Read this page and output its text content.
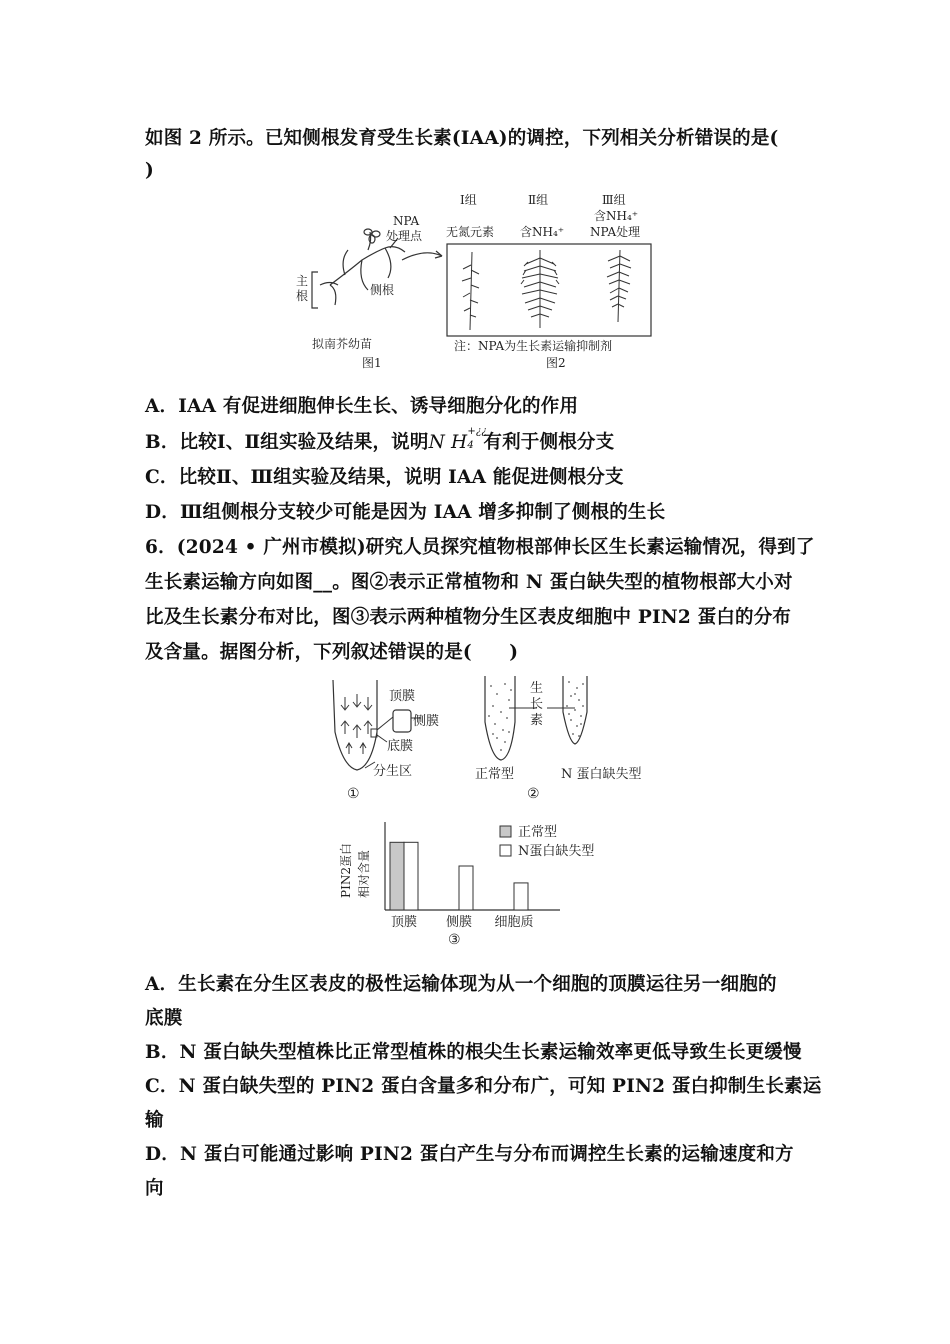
如图 2 所示。已知侧根发育受生长素(IAA)的调控，下列相关分析错误的是(
)
NPA
处理点
主
根	侧根
拟南芥幼苗
图1
Ⅰ组
无氮元素
Ⅱ组
含NH₄⁺
Ⅲ组
含NH₄⁺
NPA处理
注：NPA为生长素运输抑制剂
图2
A．IAA 有促进细胞伸长生长、诱导细胞分化的作用
B．比较Ⅰ、Ⅱ组实验及结果，说明N H
+¿¿
4 有利于侧根分支
C．比较Ⅱ、Ⅲ组实验及结果，说明 IAA 能促进侧根分支
D．Ⅲ组侧根分支较少可能是因为 IAA 增多抑制了侧根的生长
6．(2024 • 广州市模拟)研究人员探究植物根部伸长区生长素运输情况，得到了
生长素运输方向如图__。图②表示正常植物和 N 蛋白缺失型的植物根部大小对
比及生长素分布对比，图③表示两种植物分生区表皮细胞中 PIN2 蛋白的分布
及含量。据图分析，下列叙述错误的是(　　)
顶膜
侧膜
底膜
分生区
①
生
长
素
正常型	N 蛋白缺失型
②
PIN2蛋白 相对含量
顶膜 侧膜 细胞质
正常型
N蛋白缺失型
③
A．生长素在分生区表皮的极性运输体现为从一个细胞的顶膜运往另一细胞的
底膜
B．N 蛋白缺失型植株比正常型植株的根尖生长素运输效率更低导致生长更缓慢
C．N 蛋白缺失型的 PIN2 蛋白含量多和分布广，可知 PIN2 蛋白抑制生长素运
输
D．N 蛋白可能通过影响 PIN2 蛋白产生与分布而调控生长素的运输速度和方
向
